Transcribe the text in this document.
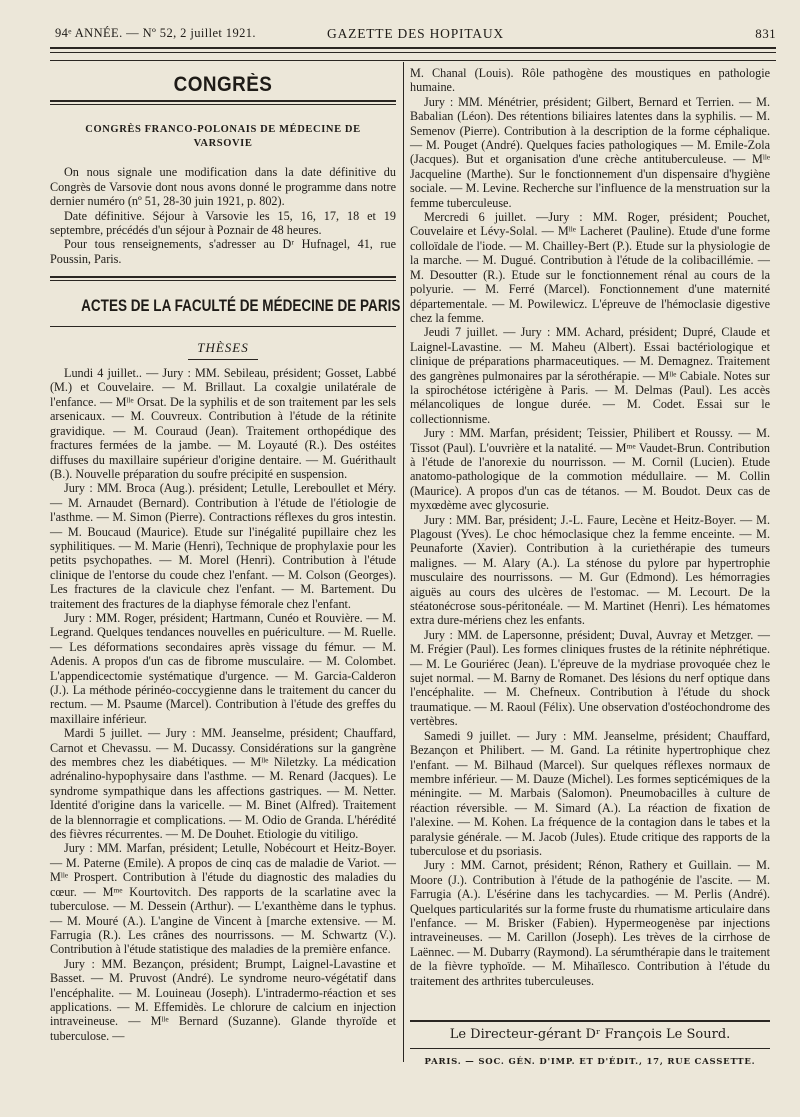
94ᵉ ANNÉE. — Nº 52, 2 juillet 1921.	GAZETTE DES HOPITAUX	831
CONGRÈS
CONGRÈS FRANCO-POLONAIS DE MÉDECINE DE VARSOVIE

On nous signale une modification dans la date définitive du Congrès de Varsovie dont nous avons donné le programme dans notre dernier numéro (nº 51, 28-30 juin 1921, p. 802).

Date définitive. Séjour à Varsovie les 15, 16, 17, 18 et 19 septembre, précédés d'un séjour à Poznair de 48 heures.

Pour tous renseignements, s'adresser au Dʳ Hufnagel, 41, rue Poussin, Paris.

ACTES DE LA FACULTÉ DE MÉDECINE DE PARIS
THÈSES

Lundi 4 juillet.. — Jury : MM. Sebileau, président; Gosset, Labbé (M.) et Couvelaire. — M. Brillaut. La coxalgie unilatérale de l'enfance. — Mˡˡᵉ Orsat. De la syphilis et de son traitement par les sels arsenicaux. — M. Couvreux. Contribution à l'étude de la rétinite gravidique. — M. Couraud (Jean). Traitement orthopédique des fractures fermées de la jambe. — M. Loyauté (R.). Des ostéites diffuses du maxillaire supérieur d'origine dentaire. — M. Guérithault (B.). Nouvelle préparation du soufre précipité en suspension.

Jury : MM. Broca (Aug.). président; Letulle, Lereboullet et Méry. — M. Arnaudet (Bernard). Contribution à l'étude de l'étiologie de l'asthme. — M. Simon (Pierre). Contractions réflexes du gros intestin. — M. Boucaud (Maurice). Etude sur l'inégalité pupillaire chez les syphilitiques. — M. Marie (Henri), Technique de prophylaxie pour les petits psychopathes. — M. Morel (Henri). Contribution à l'étude clinique de l'entorse du coude chez l'enfant. — M. Colson (Georges). Les fractures de la clavicule chez l'enfant. — M. Bartement. Du traitement des fractures de la diaphyse fémorale chez l'enfant.

Jury : MM. Roger, président; Hartmann, Cunéo et Rouvière. — M. Legrand. Quelques tendances nouvelles en puériculture. — M. Ruelle. — Les déformations secondaires après vissage du fémur. — M. Adenis. A propos d'un cas de fibrome musculaire. — M. Colombet. L'appendicectomie systématique d'urgence. — M. Garcia-Calderon (J.). La méthode périnéo-coccygienne dans le traitement du cancer du rectum. — M. Psaume (Marcel). Contribution à l'étude des greffes du maxillaire inférieur.

Mardi 5 juillet. — Jury : MM. Jeanselme, président; Chauffard, Carnot et Chevassu. — M. Ducassy. Considérations sur la gangrène des membres chez les diabétiques. — Mˡˡᵉ Niletzky. La médication adrénalino-hypophysaire dans l'asthme. — M. Renard (Jacques). Le syndrome sympathique dans les affections gastriques. — M. Netter. Identité d'origine dans la varicelle. — M. Binet (Alfred). Traitement de la blennorragie et complications. — M. Odio de Granda. L'hérédité des fièvres récurrentes. — M. De Douhet. Etiologie du vitiligo.

Jury : MM. Marfan, président; Letulle, Nobécourt et Heitz-Boyer. — M. Paterne (Emile). A propos de cinq cas de maladie de Variot. — Mˡˡᵉ Prospert. Contribution à l'étude du diagnostic des maladies du cœur. — Mᵐᵉ Kourtovitch. Des rapports de la scarlatine avec la tuberculose. — M. Dessein (Arthur). — L'exanthème dans le typhus. — M. Mouré (A.). L'angine de Vincent à [marche extensive. — M. Farrugia (R.). Les crânes des nourrissons. — M. Schwartz (V.). Contribution à l'étude statistique des maladies de la première enfance.

Jury : MM. Bezançon, président; Brumpt, Laignel-Lavastine et Basset. — M. Pruvost (André). Le syndrome neuro-végétatif dans l'encéphalite. — M. Louineau (Joseph). L'intradermo-réaction et ses applications. — M. Effemidès. Le chlorure de calcium en injection intraveineuse. — Mˡˡᵉ Bernard (Suzanne). Glande thyroïde et tuberculose. —

M. Chanal (Louis). Rôle pathogène des moustiques en pathologie humaine.

Jury : MM. Ménétrier, président; Gilbert, Bernard et Terrien. — M. Babalian (Léon). Des rétentions biliaires latentes dans la syphilis. — M. Semenov (Pierre). Contribution à la description de la forme céphalique. — M. Pouget (André). Quelques facies pathologiques — M. Emile-Zola (Jacques). But et organisation d'une crèche antituberculeuse. — Mˡˡᵉ Jacqueline (Marthe). Sur le fonctionnement d'un dispensaire d'hygiène sociale. — M. Levine. Recherche sur l'influence de la menstruation sur la femme tuberculeuse.

Mercredi 6 juillet. —Jury : MM. Roger, président; Pouchet, Couvelaire et Lévy-Solal. — Mˡˡᵉ Lacheret (Pauline). Etude d'une forme colloïdale de l'iode. — M. Chailley-Bert (P.). Etude sur la physiologie de la marche. — M. Dugué. Contribution à l'étude de la colibacillémie. — M. Desoutter (R.). Etude sur le fonctionnement rénal au cours de la polyurie. — M. Ferré (Marcel). Fonctionnement d'une maternité départementale. — M. Powilewicz. L'épreuve de l'hémoclasie digestive chez la femme.

Jeudi 7 juillet. — Jury : MM. Achard, président; Dupré, Claude et Laignel-Lavastine. — M. Maheu (Albert). Essai bactériologique et clinique de préparations pharmaceutiques. — M. Demagnez. Traitement des gangrènes pulmonaires par la sérothérapie. — Mˡˡᵉ Cabiale. Notes sur la spirochétose ictérigène à Paris. — M. Delmas (Paul). Les accès mélancoliques de longue durée. — M. Codet. Essai sur le collectionnisme.

Jury : MM. Marfan, président; Teissier, Philibert et Roussy. — M. Tissot (Paul). L'ouvrière et la natalité. — Mᵐᵉ Vaudet-Brun. Contribution à l'étude de l'anorexie du nourrisson. — M. Cornil (Lucien). Etude anatomo-pathologique de la commotion médullaire. — M. Collin (Maurice). A propos d'un cas de tétanos. — M. Boudot. Deux cas de myxœdème avec glycosurie.

Jury : MM. Bar, président; J.-L. Faure, Lecène et Heitz-Boyer. — M. Plagoust (Yves). Le choc hémoclasique chez la femme enceinte. — M. Peunaforte (Xavier). Contribution à la curiethérapie des tumeurs malignes. — M. Alary (A.). La sténose du pylore par hypertrophie musculaire des nourrissons. — M. Gur (Edmond). Les hémorragies aiguës au cours des ulcères de l'estomac. — M. Lecourt. De la stéatonécrose sous-péritonéale. — M. Martinet (Henri). Les hématomes extra dure-mériens chez les enfants.

Jury : MM. de Lapersonne, président; Duval, Auvray et Metzger. — M. Frégier (Paul). Les formes cliniques frustes de la rétinite néphrétique. — M. Le Gouriérec (Jean). L'épreuve de la mydriase provoquée chez le sujet normal. — M. Barny de Romanet. Des lésions du nerf optique dans l'encéphalite. — M. Chefneux. Contribution à l'étude du shock traumatique. — M. Raoul (Félix). Une observation d'ostéochondrome des vertèbres.

Samedi 9 juillet. — Jury : MM. Jeanselme, président; Chauffard, Bezançon et Philibert. — M. Gand. La rétinite hypertrophique chez l'enfant. — M. Bilhaud (Marcel). Sur quelques réflexes normaux de membre inférieur. — M. Dauze (Michel). Les formes septicémiques de la méningite. — M. Marbais (Salomon). Pneumobacilles à culture de réaction réversible. — M. Simard (A.). La réaction de fixation de l'alexine. — M. Kohen. La fréquence de la contagion dans le tabes et la paralysie générale. — M. Jacob (Jules). Etude critique des rapports de la tuberculose et du psoriasis.

Jury : MM. Carnot, président; Rénon, Rathery et Guillain. — M. Moore (J.). Contribution à l'étude de la pathogénie de l'ascite. — M. Farrugia (A.). L'ésérine dans les tachycardies. — M. Perlis (André). Quelques particularités sur la forme fruste du rhumatisme articulaire dans l'enfance. — M. Brisker (Fabien). Hypermeogenèse par injections intraveineuses. — M. Carillon (Joseph). Les trèves de la cirrhose de Laënnec. — M. Dubarry (Raymond). La sérumthérapie dans le traitement de la fièvre typhoïde. — M. Mihaïlesco. Contribution à l'étude du traitement des arthrites tuberculeuses.

Le Directeur-gérant Dʳ François Le Sourd.
PARIS. — SOC. GÉN. D'IMP. ET D'ÉDIT., 17, RUE CASSETTE.
